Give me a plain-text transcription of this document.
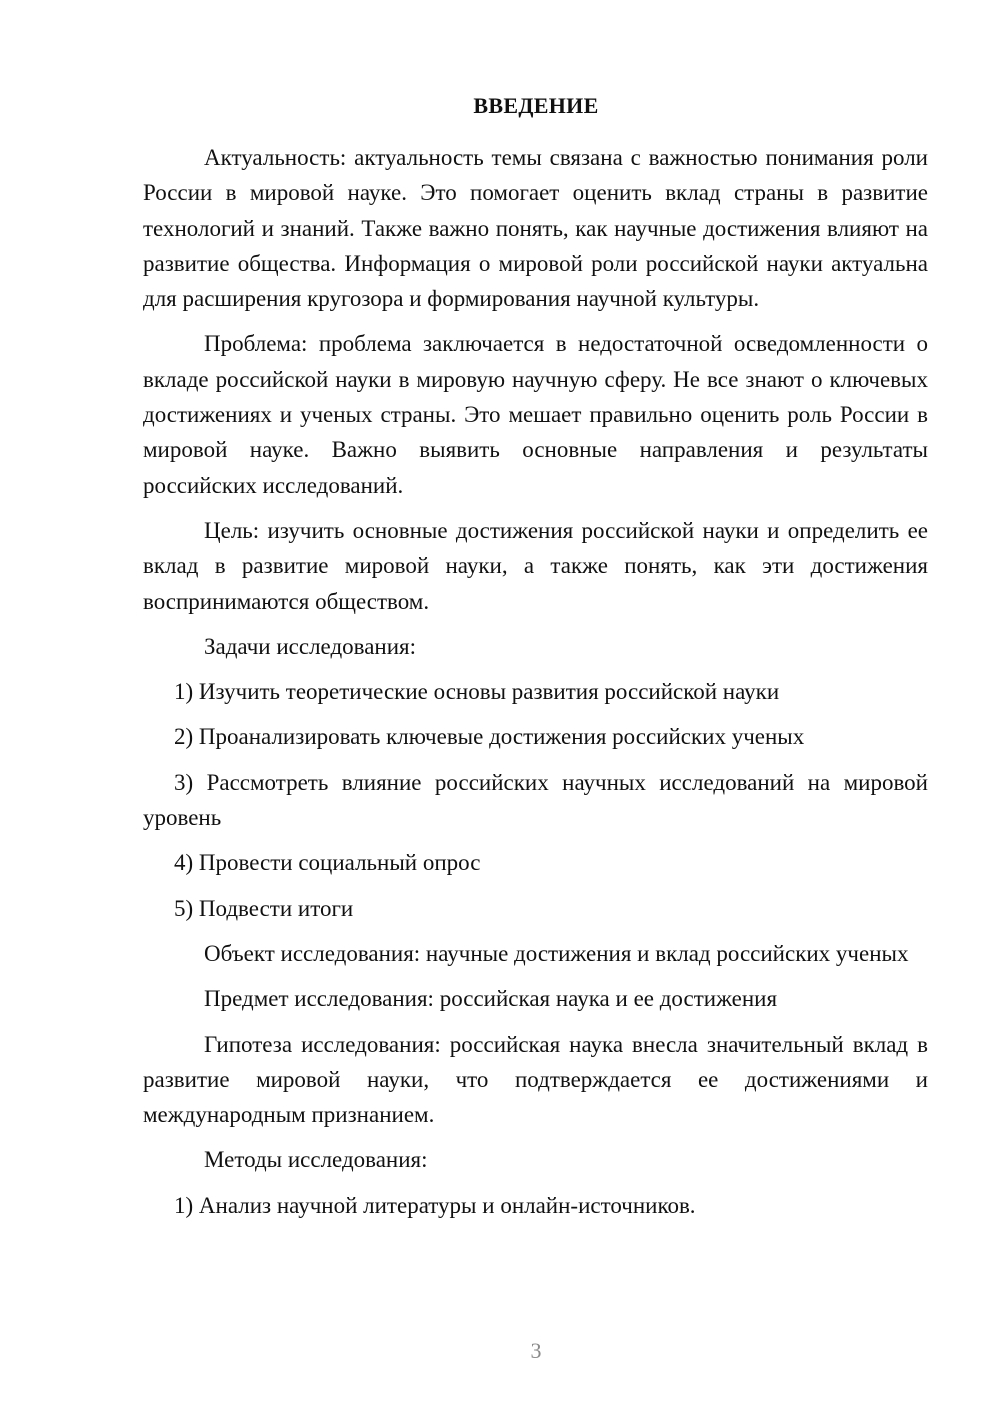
ВВЕДЕНИЕ

Актуальность: актуальность темы связана с важностью понимания роли России в мировой науке. Это помогает оценить вклад страны в развитие технологий и знаний. Также важно понять, как научные достижения влияют на развитие общества. Информация о мировой роли российской науки актуальна для расширения кругозора и формирования научной культуры.

Проблема: проблема заключается в недостаточной осведомленности о вкладе российской науки в мировую научную сферу. Не все знают о ключевых достижениях и ученых страны. Это мешает правильно оценить роль России в мировой науке. Важно выявить основные направления и результаты российских исследований.

Цель: изучить основные достижения российской науки и определить ее вклад в развитие мировой науки, а также понять, как эти достижения воспринимаются обществом.

Задачи исследования:

1) Изучить теоретические основы развития российской науки

2) Проанализировать ключевые достижения российских ученых

3) Рассмотреть влияние российских научных исследований на мировой уровень

4) Провести социальный опрос

5) Подвести итоги

Объект исследования: научные достижения и вклад российских ученых

Предмет исследования: российская наука и ее достижения

Гипотеза исследования: российская наука внесла значительный вклад в развитие мировой науки, что подтверждается ее достижениями и международным признанием.

Методы исследования:

1) Анализ научной литературы и онлайн-источников.

3
